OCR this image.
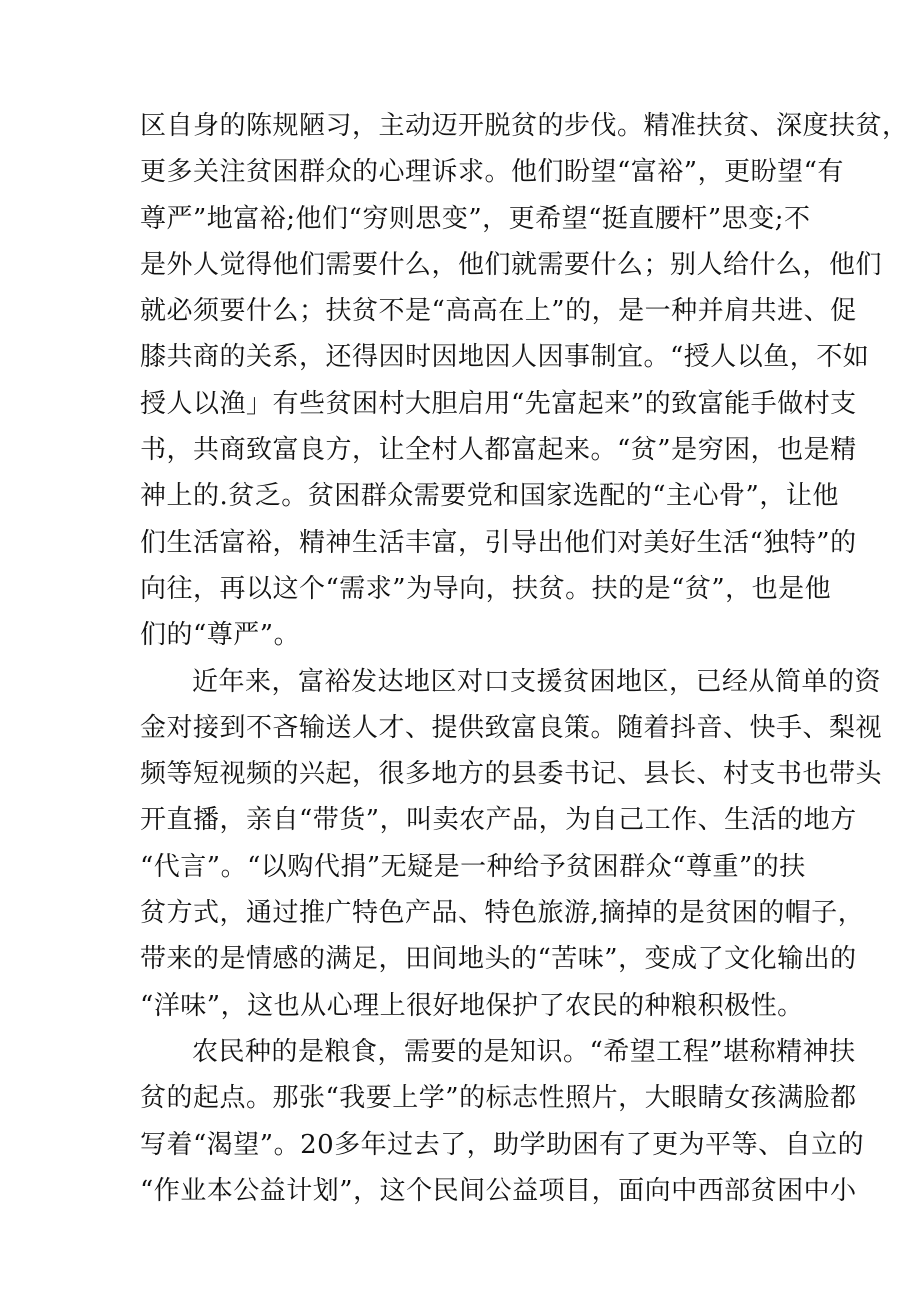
区自身的陈规陋习，主动迈开脱贫的步伐。精准扶贫、深度扶贫，
更多关注贫困群众的心理诉求。他们盼望“富裕”，更盼望“有
尊严”地富裕;他们“穷则思变”，更希望“挺直腰杆”思变;不
是外人觉得他们需要什么，他们就需要什么；别人给什么，他们
就必须要什么；扶贫不是“高高在上”的，是一种并肩共进、促
膝共商的关系，还得因时因地因人因事制宜。“授人以鱼，不如
授人以渔」有些贫困村大胆启用“先富起来”的致富能手做村支
书，共商致富良方，让全村人都富起来。“贫”是穷困，也是精
神上的.贫乏。贫困群众需要党和国家选配的“主心骨”，让他
们生活富裕，精神生活丰富，引导出他们对美好生活“独特”的
向往，再以这个“需求”为导向，扶贫。扶的是“贫”，也是他
们的“尊严”。
近年来，富裕发达地区对口支援贫困地区，已经从简单的资
金对接到不吝输送人才、提供致富良策。随着抖音、快手、梨视
频等短视频的兴起，很多地方的县委书记、县长、村支书也带头
开直播，亲自“带货”，叫卖农产品，为自己工作、生活的地方
“代言”。“以购代捐”无疑是一种给予贫困群众“尊重”的扶
贫方式，通过推广特色产品、特色旅游,摘掉的是贫困的帽子，
带来的是情感的满足，田间地头的“苦味”，变成了文化输出的
“洋味”，这也从心理上很好地保护了农民的种粮积极性。
农民种的是粮食，需要的是知识。“希望工程”堪称精神扶
贫的起点。那张“我要上学”的标志性照片，大眼睛女孩满脸都
写着“渴望”。20多年过去了，助学助困有了更为平等、自立的
“作业本公益计划”，这个民间公益项目，面向中西部贫困中小
